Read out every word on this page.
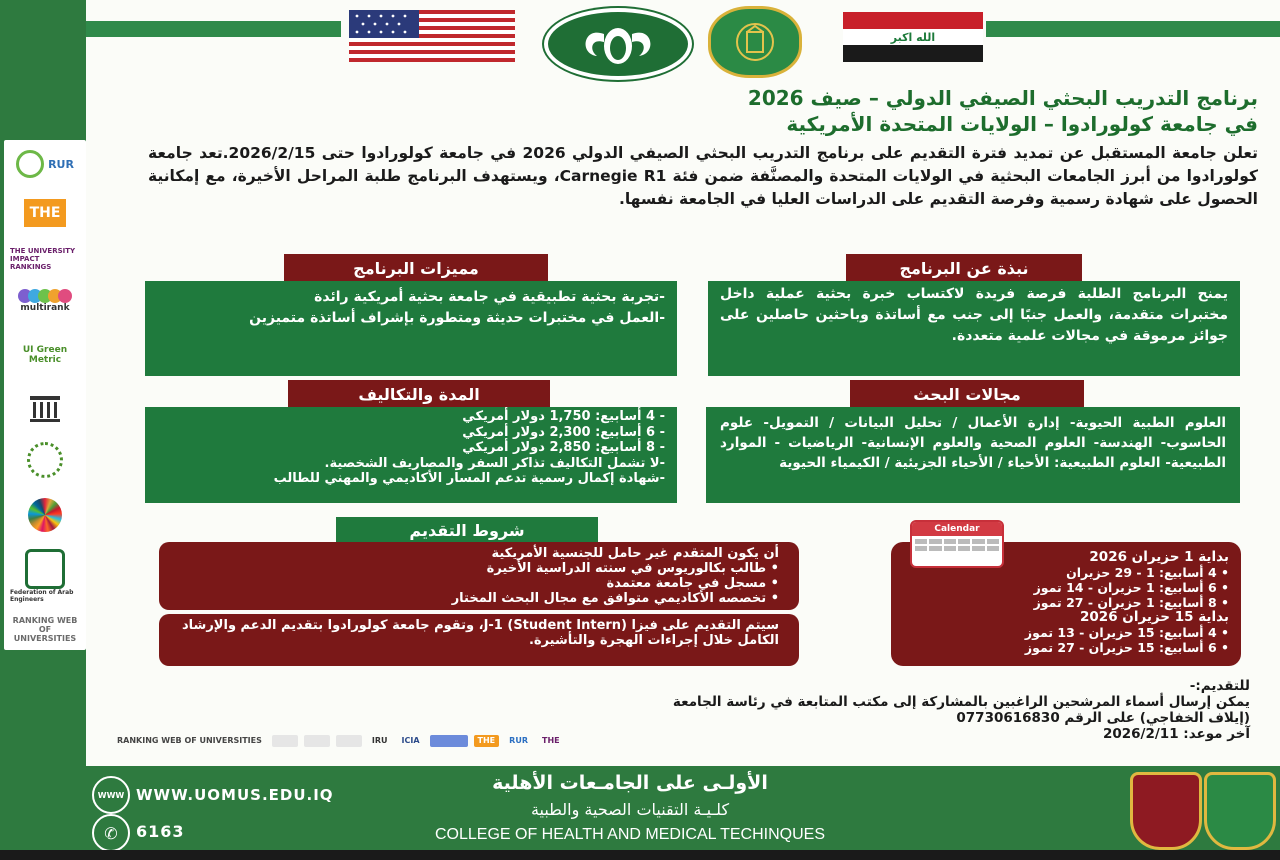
الله اكبر
برنامج التدريب البحثي الصيفي الدولي – صيف 2026
في جامعة كولورادوا – الولايات المتحدة الأمريكية
تعلن جامعة المستقبل عن تمديد فترة التقديم على برنامج التدريب البحثي الصيفي الدولي 2026 في جامعة كولورادوا حتى 2026/2/15.تعد جامعة كولورادوا من أبرز الجامعات البحثية في الولايات المتحدة والمصنَّفة ضمن فئة Carnegie R1، ويستهدف البرنامج طلبة المراحل الأخيرة، مع إمكانية الحصول على شهادة رسمية وفرصة التقديم على الدراسات العليا في الجامعة نفسها.
نبذة عن البرنامج

يمنح البرنامج الطلبة فرصة فريدة لاكتساب خبرة بحثية عملية داخل مختبرات متقدمة، والعمل جنبًا إلى جنب مع أساتذة وباحثين حاصلين على جوائز مرموقة في مجالات علمية متعددة.

مميزات البرنامج

-تجربة بحثية تطبيقية في جامعة بحثية أمريكية رائدة

-العمل في مختبرات حديثة ومتطورة بإشراف أساتذة متميزين

مجالات البحث

العلوم الطبية الحيوية- إدارة الأعمال / تحليل البيانات / التمويل- علوم الحاسوب- الهندسة- العلوم الصحية والعلوم الإنسانية- الرياضيات - الموارد الطبيعية- العلوم الطبيعية: الأحياء / الأحياء الجزيئية / الكيمياء الحيوية

المدة والتكاليف

- 4 أسابيع: 1,750 دولار أمريكي

- 6 أسابيع: 2,300 دولار أمريكي

- 8 أسابيع: 2,850 دولار أمريكي

-لا تشمل التكاليف تذاكر السفر والمصاريف الشخصية.

-شهادة إكمال رسمية تدعم المسار الأكاديمي والمهني للطالب

شروط التقديم

أن يكون المتقدم غير حامل للجنسية الأمريكية

• طالب بكالوريوس في سنته الدراسية الأخيرة

• مسجل في جامعة معتمدة

• تخصصه الأكاديمي متوافق مع مجال البحث المختار

سيتم التقديم على فيزا J-1 (Student Intern)، وتقوم جامعة كولورادوا بتقديم الدعم والإرشاد الكامل خلال إجراءات الهجرة والتأشيرة.

بداية 1 حزيران 2026

• 4 أسابيع: 1 - 29 حزيران

• 6 أسابيع: 1 حزيران - 14 تموز

• 8 أسابيع: 1 حزيران - 27 تموز

بداية 15 حزيران 2026

• 4 أسابيع: 15 حزيران - 13 تموز

• 6 أسابيع: 15 حزيران - 27 تموز

Calendar

للتقديم:-

يمكن إرسال أسماء المرشحين الراغبين بالمشاركة إلى مكتب المتابعة في رئاسة الجامعة

(إيلاف الخفاجي) على الرقم 07730616830

آخر موعد: 2026/2/11

RANKING WEB OF UNIVERSITIES	IRU	ICIA	THE	RUR	THE
RUR
THE
THE UNIVERSITY IMPACT RANKINGS
multirank
UI Green Metric
Federation of Arab Engineers
RANKING WEB OF UNIVERSITIES
WWW WWW.UOMUS.EDU.IQ
✆	6163
الأولـى على الجامـعات الأهلية
كلـيـة التقنيات الصحية والطبية
COLLEGE OF HEALTH AND MEDICAL TECHINQUES
